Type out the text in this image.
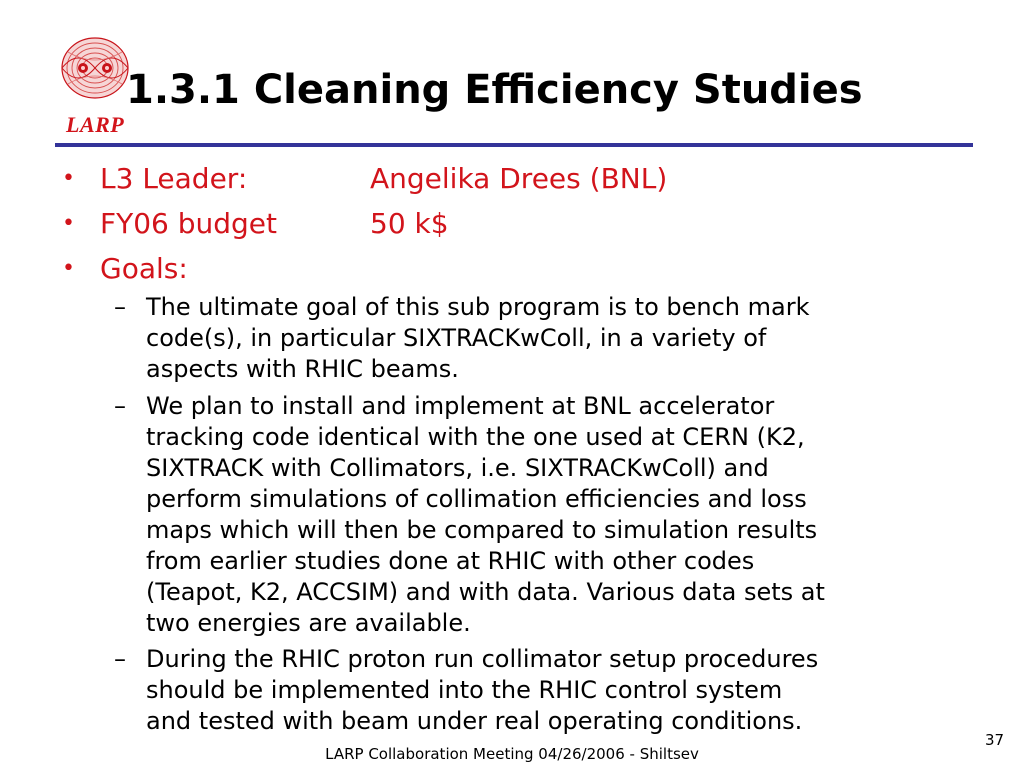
LARP
1.3.1 Cleaning Efficiency Studies
• L3 Leader:	Angelika Drees (BNL)
• FY06 budget	50 k$
• Goals:
– The ultimate goal of this sub program is to bench mark
code(s), in particular SIXTRACKwColl, in a variety of
aspects with RHIC beams.
– We plan to install and implement at BNL accelerator
tracking code identical with the one used at CERN (K2,
SIXTRACK with Collimators, i.e. SIXTRACKwColl) and
perform simulations of collimation efficiencies and loss
maps which will then be compared to simulation results
from earlier studies done at RHIC with other codes
(Teapot, K2, ACCSIM) and with data. Various data sets at
two energies are available.
– During the RHIC proton run collimator setup procedures
should be implemented into the RHIC control system
and tested with beam under real operating conditions.
LARP Collaboration Meeting 04/26/2006 - Shiltsev
37
